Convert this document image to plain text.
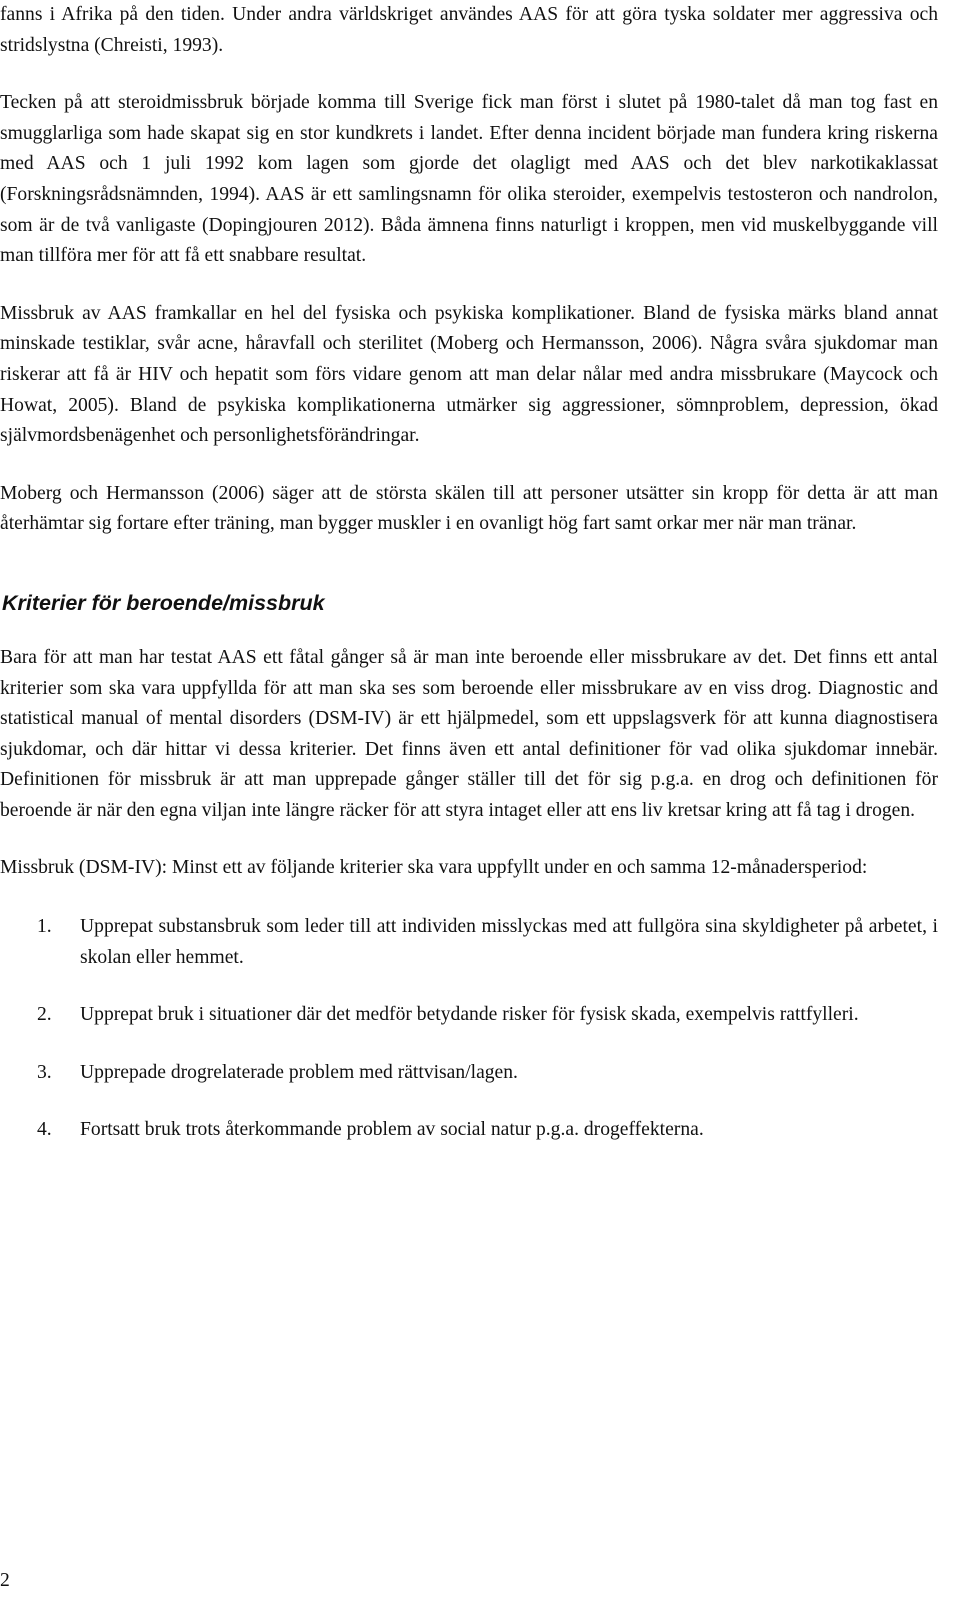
fanns i Afrika på den tiden. Under andra världskriget användes AAS för att göra tyska soldater mer aggressiva och stridslystna (Chreisti, 1993).

Tecken på att steroidmissbruk började komma till Sverige fick man först i slutet på 1980-talet då man tog fast en smugglarliga som hade skapat sig en stor kundkrets i landet. Efter denna incident började man fundera kring riskerna med AAS och 1 juli 1992 kom lagen som gjorde det olagligt med AAS och det blev narkotikaklassat (Forskningsrådsnämnden, 1994). AAS är ett samlingsnamn för olika steroider, exempelvis testosteron och nandrolon, som är de två vanligaste (Dopingjouren 2012). Båda ämnena finns naturligt i kroppen, men vid muskelbyggande vill man tillföra mer för att få ett snabbare resultat.

Missbruk av AAS framkallar en hel del fysiska och psykiska komplikationer. Bland de fysiska märks bland annat minskade testiklar, svår acne, håravfall och sterilitet (Moberg och Hermansson, 2006). Några svåra sjukdomar man riskerar att få är HIV och hepatit som förs vidare genom att man delar nålar med andra missbrukare (Maycock och Howat, 2005). Bland de psykiska komplikationerna utmärker sig aggressioner, sömnproblem, depression, ökad självmordsbenägenhet och personlighetsförändringar.

Moberg och Hermansson (2006) säger att de största skälen till att personer utsätter sin kropp för detta är att man återhämtar sig fortare efter träning, man bygger muskler i en ovanligt hög fart samt orkar mer när man tränar.

Kriterier för beroende/missbruk

Bara för att man har testat AAS ett fåtal gånger så är man inte beroende eller missbrukare av det. Det finns ett antal kriterier som ska vara uppfyllda för att man ska ses som beroende eller missbrukare av en viss drog. Diagnostic and statistical manual of mental disorders (DSM-IV) är ett hjälpmedel, som ett uppslagsverk för att kunna diagnostisera sjukdomar, och där hittar vi dessa kriterier. Det finns även ett antal definitioner för vad olika sjukdomar innebär. Definitionen för missbruk är att man upprepade gånger ställer till det för sig p.g.a. en drog och definitionen för beroende är när den egna viljan inte längre räcker för att styra intaget eller att ens liv kretsar kring att få tag i drogen.

Missbruk (DSM-IV): Minst ett av följande kriterier ska vara uppfyllt under en och samma 12-månadersperiod:

1. Upprepat substansbruk som leder till att individen misslyckas med att fullgöra sina skyldigheter på arbetet, i skolan eller hemmet.
2. Upprepat bruk i situationer där det medför betydande risker för fysisk skada, exempelvis rattfylleri.
3. Upprepade drogrelaterade problem med rättvisan/lagen.
4. Fortsatt bruk trots återkommande problem av social natur p.g.a. drogeffekterna.
2
